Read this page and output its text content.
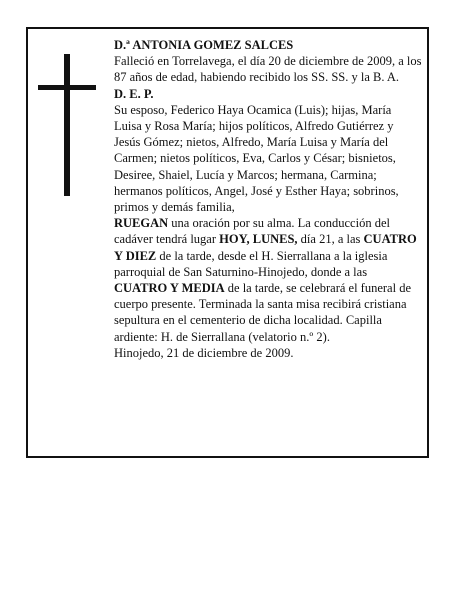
D.ª ANTONIA GOMEZ SALCES

Falleció en Torrelavega, el día 20 de diciembre de 2009, a los 87 años de edad, habiendo recibido los SS. SS. y la B. A.

D. E. P.

Su esposo, Federico Haya Ocamica (Luis); hijas, María Luisa y Rosa María; hijos políticos, Alfredo Gutiérrez y Jesús Gómez; nietos, Alfredo, María Luisa y María del Carmen; nietos políticos, Eva, Carlos y César; bisnietos, Desiree, Shaiel, Lucía y Marcos; hermana, Carmina; hermanos políticos, Angel, José y Esther Haya; sobrinos, primos y demás familia,

RUEGAN una oración por su alma. La conducción del cadáver tendrá lugar HOY, LUNES, día 21, a las CUATRO Y DIEZ de la tarde, desde el H. Sierrallana a la iglesia parroquial de San Saturnino-Hinojedo, donde a las CUATRO Y MEDIA de la tarde, se celebrará el funeral de cuerpo presente. Terminada la santa misa recibirá cristiana sepultura en el cementerio de dicha localidad. Capilla ardiente: H. de Sierrallana (velatorio n.º 2).

Hinojedo, 21 de diciembre de 2009.
